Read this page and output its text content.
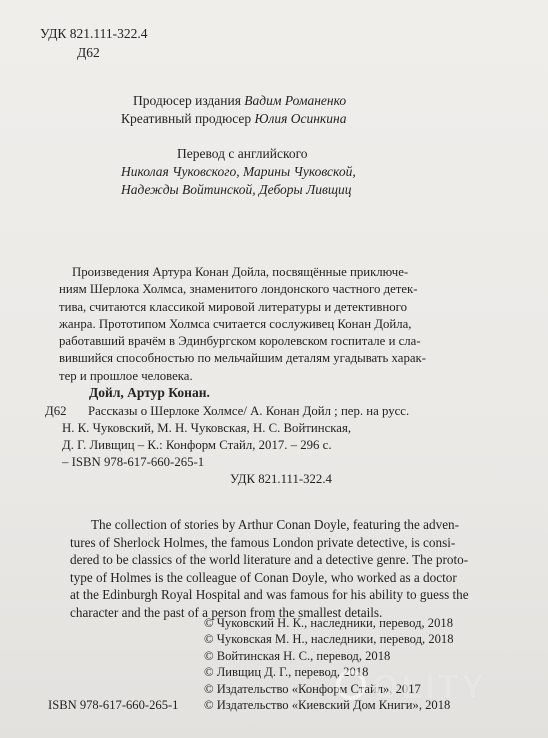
УДК 821.111-322.4
Д62
Продюсер издания Вадим Романенко
Креативный продюсер Юлия Осинкина
Перевод с английского
Николая Чуковского, Марины Чуковской,
Надежды Войтинской, Деборы Ливщиц
Произведения Артура Конан Дойла, посвящённые приключе-
ниям Шерлока Холмса, знаменитого лондонского частного детек-
тива, считаются классикой мировой литературы и детективного
жанра. Прототипом Холмса считается сослуживец Конан Дойла,
работавший врачём в Эдинбургском королевском госпитале и сла-
вившийся способностью по мельчайшим деталям угадывать харак-
тер и прошлое человека.
Дойл, Артур Конан.
Д62 Рассказы о Шерлоке Холмсе/ А. Конан Дойл ; пер. на русс.
Н. К. Чуковский, М. Н. Чуковская, Н. С. Войтинская,
Д. Г. Ливщиц – К.: Конформ Стайл, 2017. – 296 с.
– ISBN 978-617-660-265-1
УДК 821.111-322.4
The collection of stories by Arthur Conan Doyle, featuring the adven-
tures of Sherlock Holmes, the famous London private detective, is consi-
dered to be classics of the world literature and a detective genre. The proto-
type of Holmes is the colleague of Conan Doyle, who worked as a doctor
at the Edinburgh Royal Hospital and was famous for his ability to guess the
character and the past of a person from the smallest details.
© Чуковский Н. К., наследники, перевод, 2018
© Чуковская М. Н., наследники, перевод, 2018
© Войтинская Н. С., перевод, 2018
© Ливщиц Д. Г., перевод, 2018
© Издательство «Конформ Стайл», 2017
© Издательство «Киевский Дом Книги», 2018
ISBN 978-617-660-265-1	OLITY
